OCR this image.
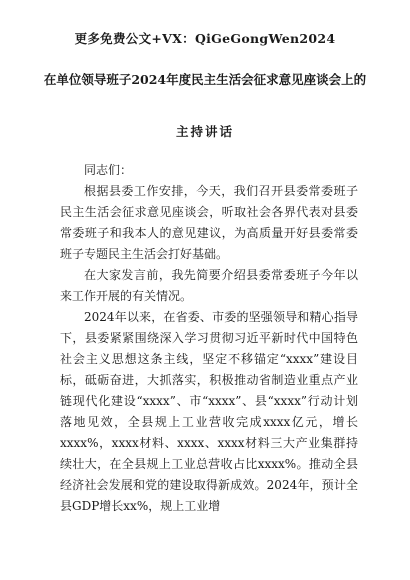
更多免费公文+VX：QiGeGongWen2024
在单位领导班子2024年度民主生活会征求意见座谈会上的
主持讲话

同志们：

根据县委工作安排，今天，我们召开县委常委班子民主生活会征求意见座谈会，听取社会各界代表对县委常委班子和我本人的意见建议，为高质量开好县委常委班子专题民主生活会打好基础。

在大家发言前，我先简要介绍县委常委班子今年以来工作开展的有关情况。

2024年以来，在省委、市委的坚强领导和精心指导下，县委紧紧围绕深入学习贯彻习近平新时代中国特色社会主义思想这条主线，坚定不移锚定“xxxx”建设目标，砥砺奋进，大抓落实，积极推动省制造业重点产业链现代化建设“xxxx”、市“xxxx”、县“xxxx”行动计划落地见效，全县规上工业营收完成xxxx亿元，增长xxxx%，xxxx材料、xxxx、xxxx材料三大产业集群持续壮大，在全县规上工业总营收占比xxxx%。推动全县经济社会发展和党的建设取得新成效。2024年，预计全县GDP增长xx%，规上工业增
